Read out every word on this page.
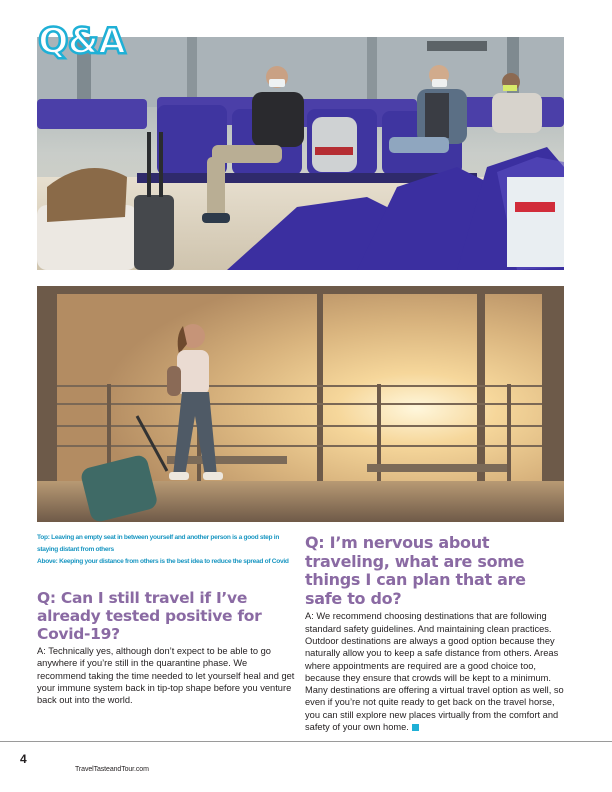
Q&A

Top: Leaving an empty seat in between yourself and another person is a good step in staying distant from others

Above: Keeping your distance from others is the best idea to reduce the spread of Covid

Q: Can I still travel if I’ve already tested positive for Covid-19?

A: Technically yes, although don’t expect to be able to go anywhere if you’re still in the quarantine phase. We recommend taking the time needed to let yourself heal and get your immune system back in tip-top shape before you venture back out into the world.

Q: I’m nervous about traveling, what are some things I can plan that are safe to do?

A: We recommend choosing destinations that are following standard safety guidelines. And maintaining clean practices. Outdoor destinations are always a good option because they naturally allow you to keep a safe distance from others. Areas where appointments are required are a good choice too, because they ensure that crowds will be kept to a minimum. Many destinations are offering a virtual travel option as well, so even if you’re not quite ready to get back on the travel horse, you can still explore new places virtually from the comfort and safety of your own home.

4
TravelTasteandTour.com
